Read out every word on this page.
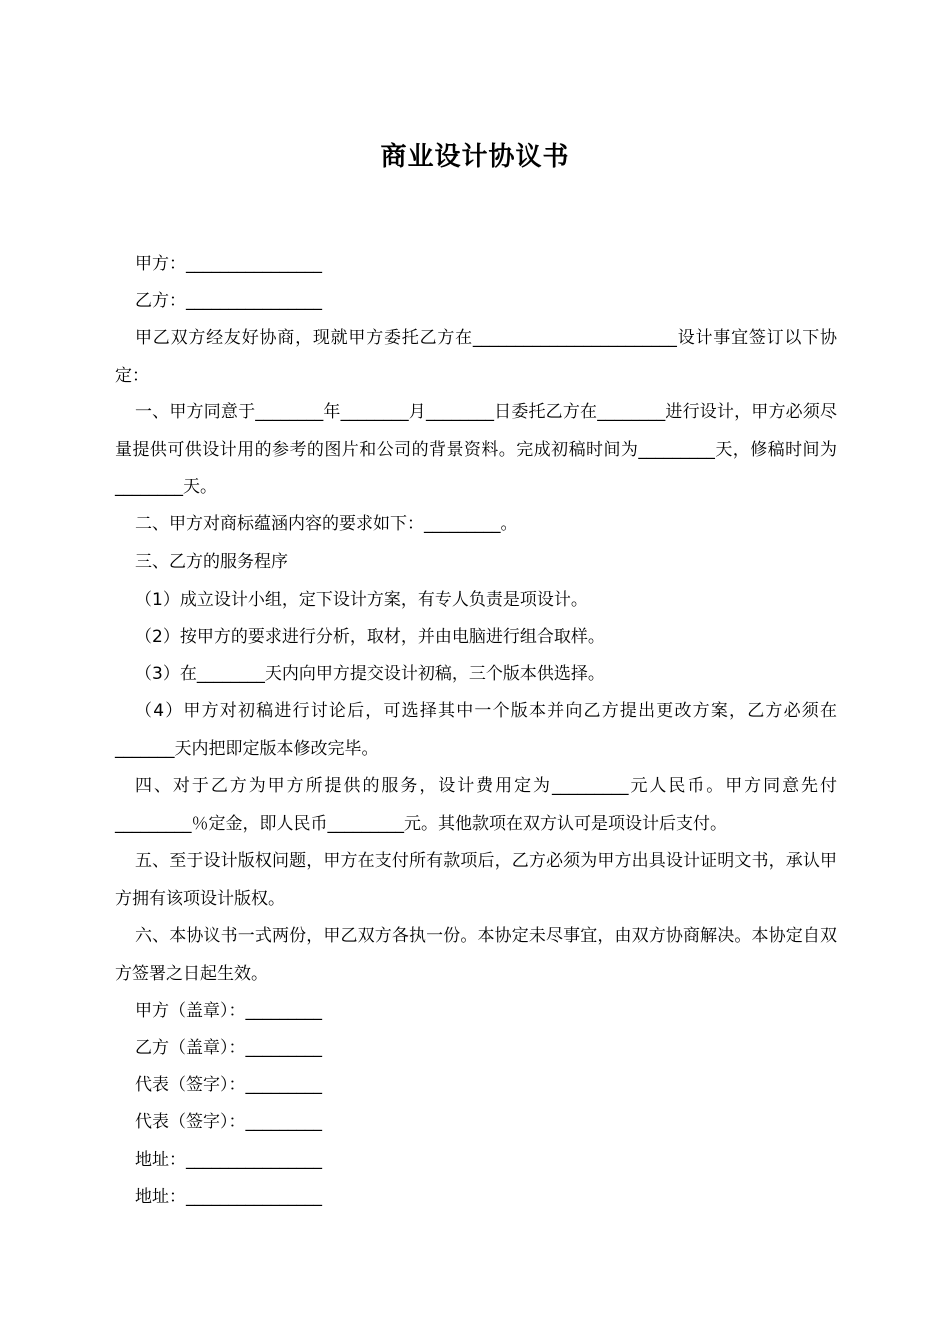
商业设计协议书
甲方：________________
乙方：________________
甲乙双方经友好协商，现就甲方委托乙方在________________________设计事宜签订以下协定：
一、甲方同意于________年________月________日委托乙方在________进行设计，甲方必须尽量提供可供设计用的参考的图片和公司的背景资料。完成初稿时间为_________天，修稿时间为________天。
二、甲方对商标蕴涵内容的要求如下：_________。
三、乙方的服务程序
（1）成立设计小组，定下设计方案，有专人负责是项设计。
（2）按甲方的要求进行分析，取材，并由电脑进行组合取样。
（3）在________天内向甲方提交设计初稿，三个版本供选择。
（4）甲方对初稿进行讨论后，可选择其中一个版本并向乙方提出更改方案，乙方必须在_______天内把即定版本修改完毕。
四、对于乙方为甲方所提供的服务，设计费用定为_________元人民币。甲方同意先付_________％定金，即人民币_________元。其他款项在双方认可是项设计后支付。
五、至于设计版权问题，甲方在支付所有款项后，乙方必须为甲方出具设计证明文书，承认甲方拥有该项设计版权。
六、本协议书一式两份，甲乙双方各执一份。本协定未尽事宜，由双方协商解决。本协定自双方签署之日起生效。
甲方（盖章）：_________
乙方（盖章）：_________
代表（签字）：_________
代表（签字）：_________
地址：________________
地址：________________
